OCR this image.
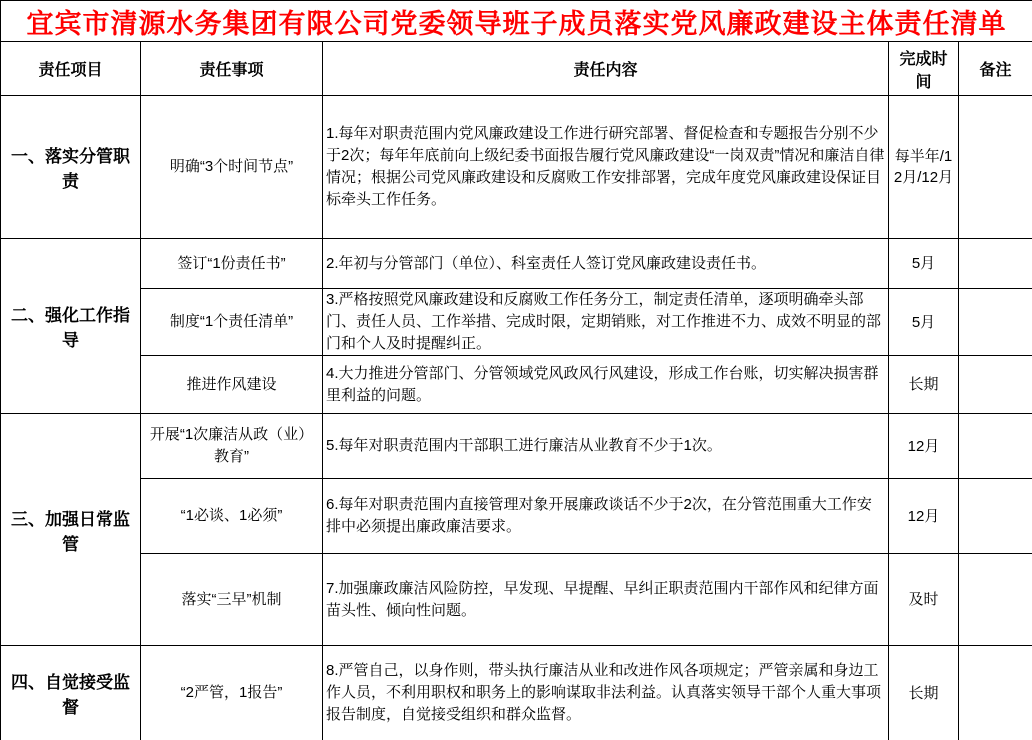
宜宾市清源水务集团有限公司党委领导班子成员落实党风廉政建设主体责任清单				
责任项目	责任事项	责任内容	完成时间	备注
一、落实分管职责	明确“3个时间节点”	1.每年对职责范围内党风廉政建设工作进行研究部署、督促检查和专题报告分别不少于2次；每年年底前向上级纪委书面报告履行党风廉政建设“一岗双责”情况和廉洁自律情况；根据公司党风廉政建设和反腐败工作安排部署，完成年度党风廉政建设保证目标牵头工作任务。	每半年/12月/12月	
二、强化工作指导	签订“1份责任书”	2.年初与分管部门（单位）、科室责任人签订党风廉政建设责任书。	5月	
	制度“1个责任清单”	3.严格按照党风廉政建设和反腐败工作任务分工，制定责任清单，逐项明确牵头部门、责任人员、工作举措、完成时限，定期销账，对工作推进不力、成效不明显的部门和个人及时提醒纠正。	5月	
	推进作风建设	4.大力推进分管部门、分管领域党风政风行风建设，形成工作台账，切实解决损害群里利益的问题。	长期	
三、加强日常监管	开展“1次廉洁从政（业）教育”	5.每年对职责范围内干部职工进行廉洁从业教育不少于1次。	12月	
	“1必谈、1必须”	6.每年对职责范围内直接管理对象开展廉政谈话不少于2次，在分管范围重大工作安排中必须提出廉政廉洁要求。	12月	
	落实“三早”机制	7.加强廉政廉洁风险防控，早发现、早提醒、早纠正职责范围内干部作风和纪律方面苗头性、倾向性问题。	及时	
四、自觉接受监督	“2严管，1报告”	8.严管自己，以身作则，带头执行廉洁从业和改进作风各项规定；严管亲属和身边工作人员，不利用职权和职务上的影响谋取非法利益。认真落实领导干部个人重大事项报告制度，自觉接受组织和群众监督。	长期	
